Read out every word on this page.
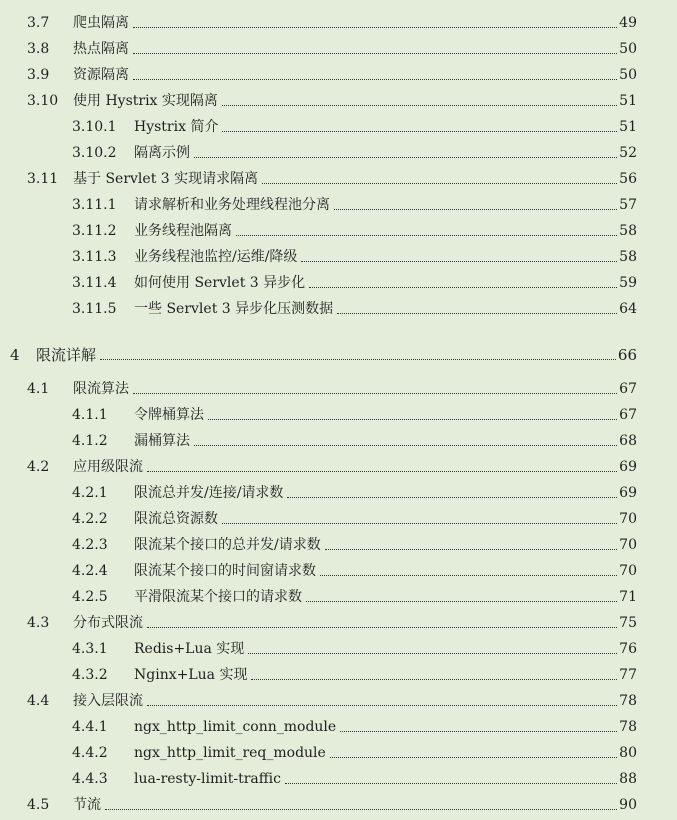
3.7	爬虫隔离	49
3.8	热点隔离	50
3.9	资源隔离	50
3.10	使用 Hystrix 实现隔离	51
3.10.1	Hystrix 简介	51
3.10.2	隔离示例	52
3.11	基于 Servlet 3 实现请求隔离	56
3.11.1	请求解析和业务处理线程池分离	57
3.11.2	业务线程池隔离	58
3.11.3	业务线程池监控/运维/降级	58
3.11.4	如何使用 Servlet 3 异步化	59
3.11.5	一些 Servlet 3 异步化压测数据	64
4	限流详解	66
4.1	限流算法	67
4.1.1	令牌桶算法	67
4.1.2	漏桶算法	68
4.2	应用级限流	69
4.2.1	限流总并发/连接/请求数	69
4.2.2	限流总资源数	70
4.2.3	限流某个接口的总并发/请求数	70
4.2.4	限流某个接口的时间窗请求数	70
4.2.5	平滑限流某个接口的请求数	71
4.3	分布式限流	75
4.3.1	Redis+Lua 实现	76
4.3.2	Nginx+Lua 实现	77
4.4	接入层限流	78
4.4.1	ngx_http_limit_conn_module	78
4.4.2	ngx_http_limit_req_module	80
4.4.3	lua-resty-limit-traffic	88
4.5	节流	90
